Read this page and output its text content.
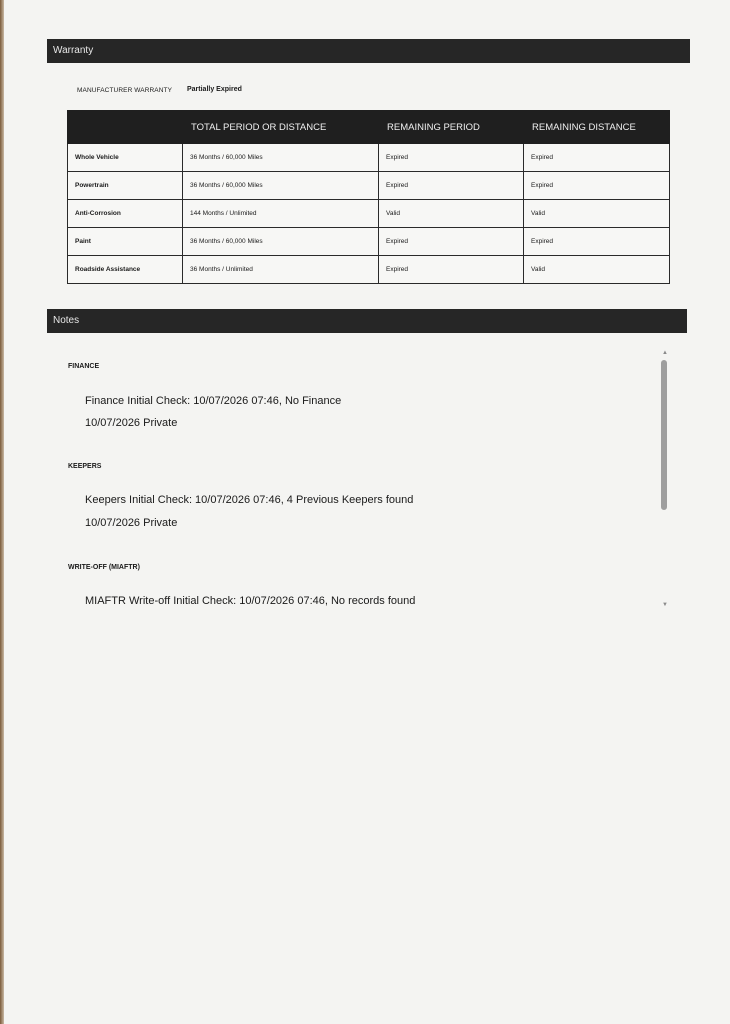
Warranty
MANUFACTURER WARRANTY Partially Expired
	TOTAL PERIOD OR DISTANCE	REMAINING PERIOD	REMAINING DISTANCE
Whole Vehicle	36 Months / 60,000 Miles	Expired	Expired
Powertrain	36 Months / 60,000 Miles	Expired	Expired
Anti-Corrosion	144 Months / Unlimited	Valid	Valid
Paint	36 Months / 60,000 Miles	Expired	Expired
Roadside Assistance	36 Months / Unlimited	Expired	Valid
Notes
FINANCE
Finance Initial Check: 10/07/2026 07:46, No Finance
10/07/2026 Private
KEEPERS
Keepers Initial Check: 10/07/2026 07:46, 4 Previous Keepers found
10/07/2026 Private
WRITE-OFF (MIAFTR)
MIAFTR Write-off Initial Check: 10/07/2026 07:46, No records found
▲
▼
